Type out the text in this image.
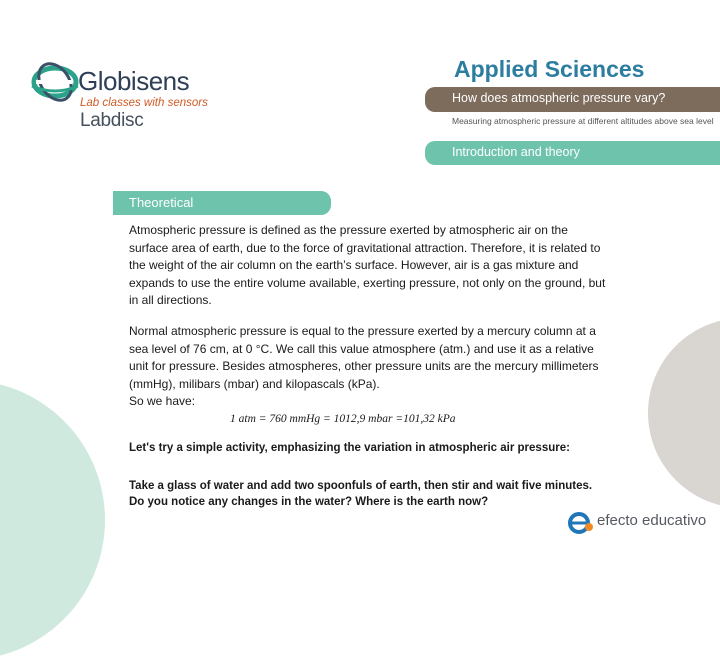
Globisens
Lab classes with sensors
Labdisc
Applied Sciences
How does atmospheric pressure vary?
Measuring atmospheric pressure at different altitudes above sea level
Introduction and theory
Theoretical
Atmospheric pressure is defined as the pressure exerted by atmospheric air on the surface area of earth, due to the force of gravitational attraction. Therefore, it is related to the weight of the air column on the earth’s surface. However, air is a gas mixture and expands to use the entire volume available, exerting pressure, not only on the ground, but in all directions.
Normal atmospheric pressure is equal to the pressure exerted by a mercury column at a sea level of 76 cm, at 0 °C. We call this value atmosphere (atm.) and use it as a relative unit for pressure. Besides atmospheres, other pressure units are the mercury millimeters (mmHg), milibars (mbar) and kilopascals (kPa).
So we have:
1 atm = 760 mmHg = 1012,9 mbar =101,32 kPa
Let's try a simple activity, emphasizing the variation in atmospheric air pressure:
Take a glass of water and add two spoonfuls of earth, then stir and wait five minutes. Do you notice any changes in the water? Where is the earth now?
efecto educativo
